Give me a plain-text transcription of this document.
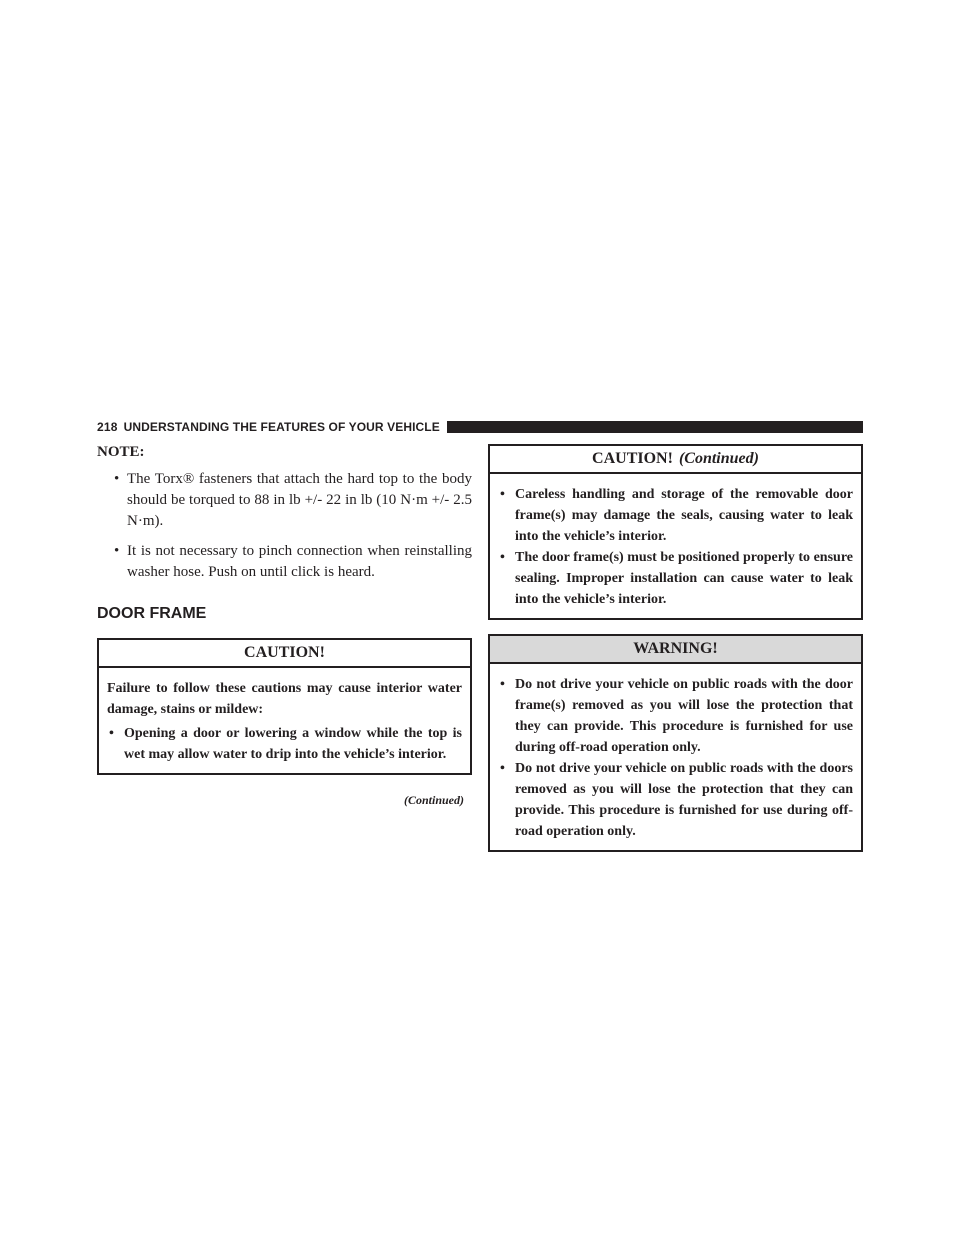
218 UNDERSTANDING THE FEATURES OF YOUR VEHICLE
NOTE:
• The Torx® fasteners that attach the hard top to the body should be torqued to 88 in lb +/- 22 in lb (10 N·m +/- 2.5 N·m).
• It is not necessary to pinch connection when reinstalling washer hose. Push on until click is heard.
DOOR FRAME
CAUTION!

Failure to follow these cautions may cause interior water damage, stains or mildew:

• Opening a door or lowering a window while the top is wet may allow water to drip into the vehicle’s interior.
(Continued)
CAUTION! (Continued)
• Careless handling and storage of the removable door frame(s) may damage the seals, causing water to leak into the vehicle’s interior.
• The door frame(s) must be positioned properly to ensure sealing. Improper installation can cause water to leak into the vehicle’s interior.
WARNING!
• Do not drive your vehicle on public roads with the door frame(s) removed as you will lose the protection that they can provide. This procedure is furnished for use during off-road operation only.
• Do not drive your vehicle on public roads with the doors removed as you will lose the protection that they can provide. This procedure is furnished for use during off-road operation only.
